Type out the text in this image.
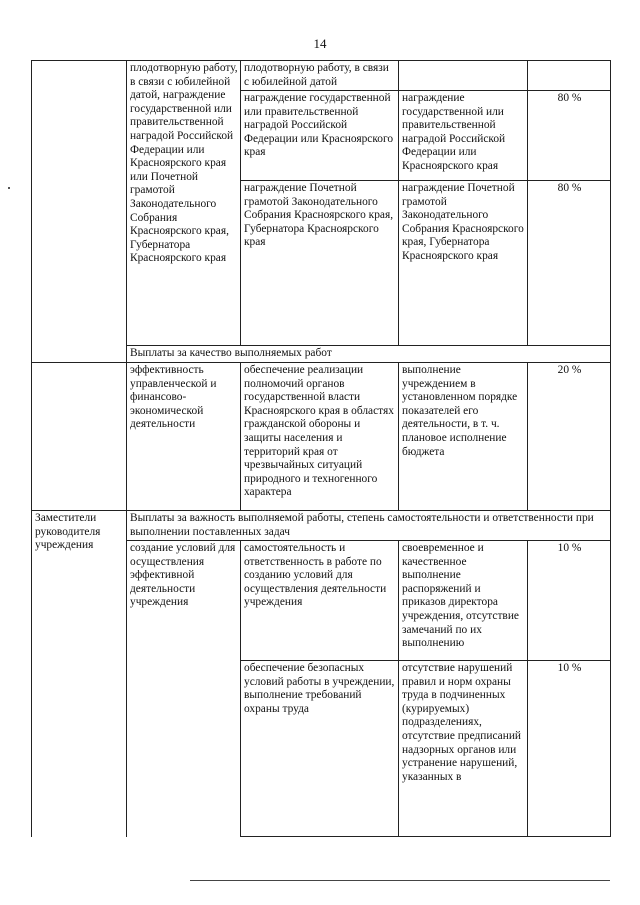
14
	плодотворную работу, в связи с юбилейной датой, награждение государственной или правительственной наградой Российской Федерации или Красноярского края или Почетной грамотой Законодательного Собрания Красноярского края, Губернатора Красноярского края	плодотворную работу, в связи с юбилейной датой		
		награждение государственной или правительственной наградой Российской Федерации или Красноярского края	награждение государственной или правительственной наградой Российской Федерации или Красноярского края	80 %
		награждение Почетной грамотой Законодательного Собрания Красноярского края, Губернатора Красноярского края	награждение Почетной грамотой Законодательного Собрания Красноярского края, Губернатора Красноярского края	80 %
	Выплаты за качество выполняемых работ			
	эффективность управленческой и финансово-экономической деятельности	обеспечение реализации полномочий органов государственной власти Красноярского края в областях гражданской обороны и защиты населения и территорий края от чрезвычайных ситуаций природного и техногенного характера	выполнение учреждением в установленном порядке показателей его деятельности, в т. ч. плановое исполнение бюджета	20 %
Заместители руководителя учреждения	Выплаты за важность выполняемой работы, степень самостоятельности и ответственности при выполнении поставленных задач			
	создание условий для осуществления эффективной деятельности учреждения	самостоятельность и ответственность в работе по созданию условий для осуществления деятельности учреждения	своевременное и качественное выполнение распоряжений и приказов директора учреждения, отсутствие замечаний по их выполнению	10 %
		обеспечение безопасных условий работы в учреждении, выполнение требований охраны труда	отсутствие нарушений правил и норм охраны труда в подчиненных (курируемых) подразделениях, отсутствие предписаний надзорных органов или устранение нарушений, указанных в	10 %
